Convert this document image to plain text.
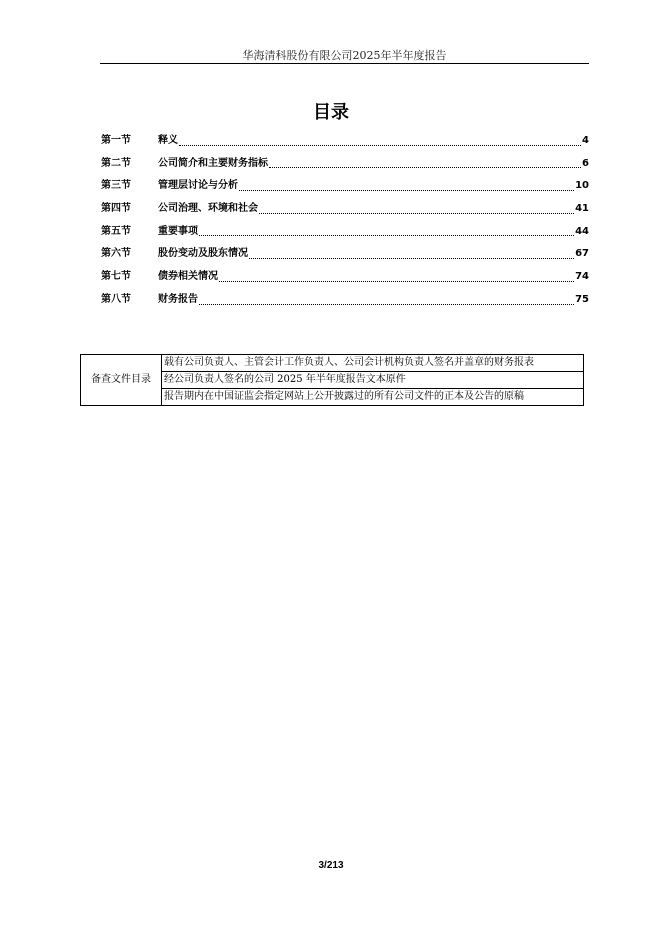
华海清科股份有限公司2025年半年度报告
目录
第一节	释义	4
第二节	公司简介和主要财务指标	6
第三节	管理层讨论与分析	10
第四节	公司治理、环境和社会	41
第五节	重要事项	44
第六节	股份变动及股东情况	67
第七节	债券相关情况	74
第八节	财务报告	75
备查文件目录	载有公司负责人、主管会计工作负责人、公司会计机构负责人签名并盖章的财务报表
经公司负责人签名的公司 2025 年半年度报告文本原件
报告期内在中国证监会指定网站上公开披露过的所有公司文件的正本及公告的原稿
3/213
